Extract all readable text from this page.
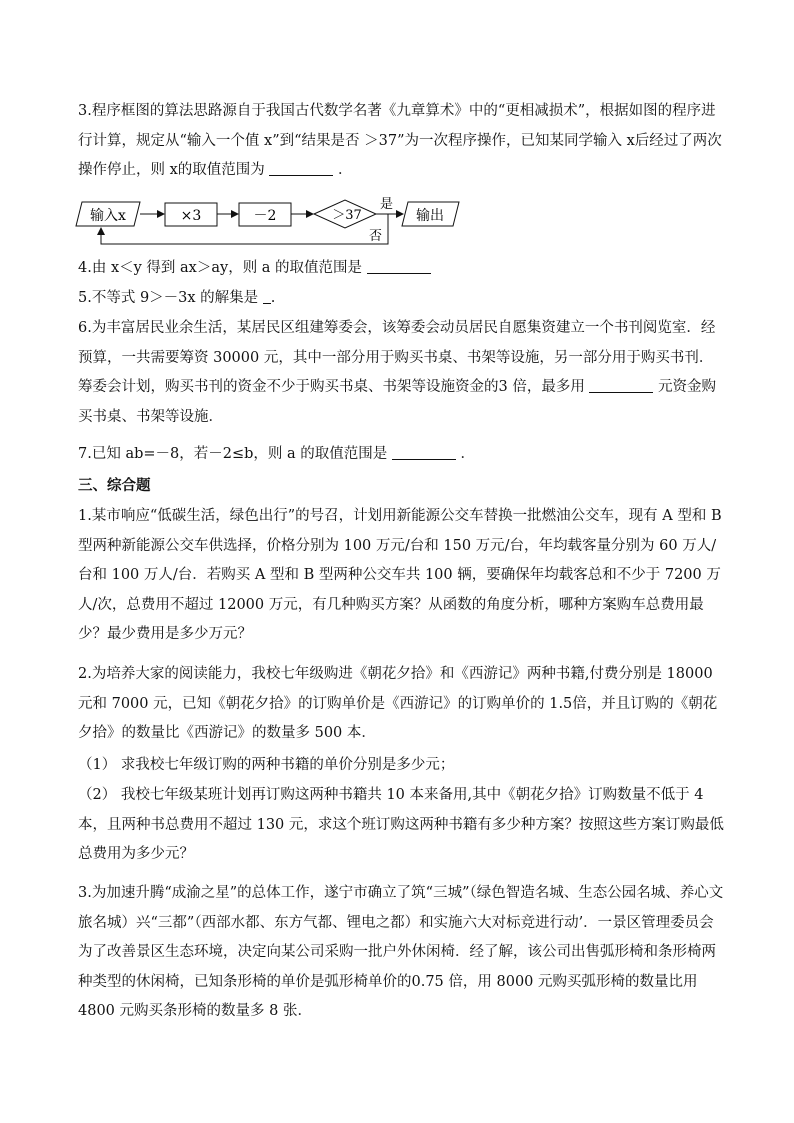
3.程序框图的算法思路源自于我国古代数学名著《九章算术》中的“更相减损术”，根据如图的程序进行计算，规定从“输入一个值 x”到“结果是否 ＞37”为一次程序操作，已知某同学输入 x后经过了两次操作停止，则 x的取值范围为	．

输入x	×3	－2	＞37
是
输出
否

4.由 x＜y 得到 ax＞ay，则 a 的取值范围是

5.不等式 9＞－3x 的解集是 .

6.为丰富居民业余生活，某居民区组建筹委会，该筹委会动员居民自愿集资建立一个书刊阅览室．经预算，一共需要筹资 30000 元，其中一部分用于购买书桌、书架等设施，另一部分用于购买书刊．筹委会计划，购买书刊的资金不少于购买书桌、书架等设施资金的3 倍，最多用	元资金购买书桌、书架等设施．

7.已知 ab=－8，若－2≤b，则 a 的取值范围是	．

三、综合题

1.某市响应“低碳生活，绿色出行”的号召，计划用新能源公交车替换一批燃油公交车，现有 A 型和 B 型两种新能源公交车供选择，价格分别为 100 万元/台和 150 万元/台，年均载客量分别为 60 万人/台和 100 万人/台．若购买 A 型和 B 型两种公交车共 100 辆，要确保年均载客总和不少于 7200 万人/次，总费用不超过 12000 万元，有几种购买方案？从函数的角度分析，哪种方案购车总费用最少？最少费用是多少万元？

2.为培养大家的阅读能力，我校七年级购进《朝花夕拾》和《西游记》两种书籍,付费分别是 18000 元和 7000 元，已知《朝花夕拾》的订购单价是《西游记》的订购单价的 1.5倍，并且订购的《朝花夕拾》的数量比《西游记》的数量多 500 本．

（1） 求我校七年级订购的两种书籍的单价分别是多少元；

（2） 我校七年级某班计划再订购这两种书籍共 10 本来备用,其中《朝花夕拾》订购数量不低于 4 本，且两种书总费用不超过 130 元，求这个班订购这两种书籍有多少种方案？按照这些方案订购最低总费用为多少元？

3.为加速升腾“成渝之星”的总体工作，遂宁市确立了筑“三城”（绿色智造名城、生态公园名城、养心文旅名城）兴“三都”（西部水都、东方气都、锂电之都）和实施六大对标竞进行动’．一景区管理委员会为了改善景区生态环境，决定向某公司采购一批户外休闲椅．经了解，该公司出售弧形椅和条形椅两种类型的休闲椅，已知条形椅的单价是弧形椅单价的0.75 倍，用 8000 元购买弧形椅的数量比用 4800 元购买条形椅的数量多 8 张．
